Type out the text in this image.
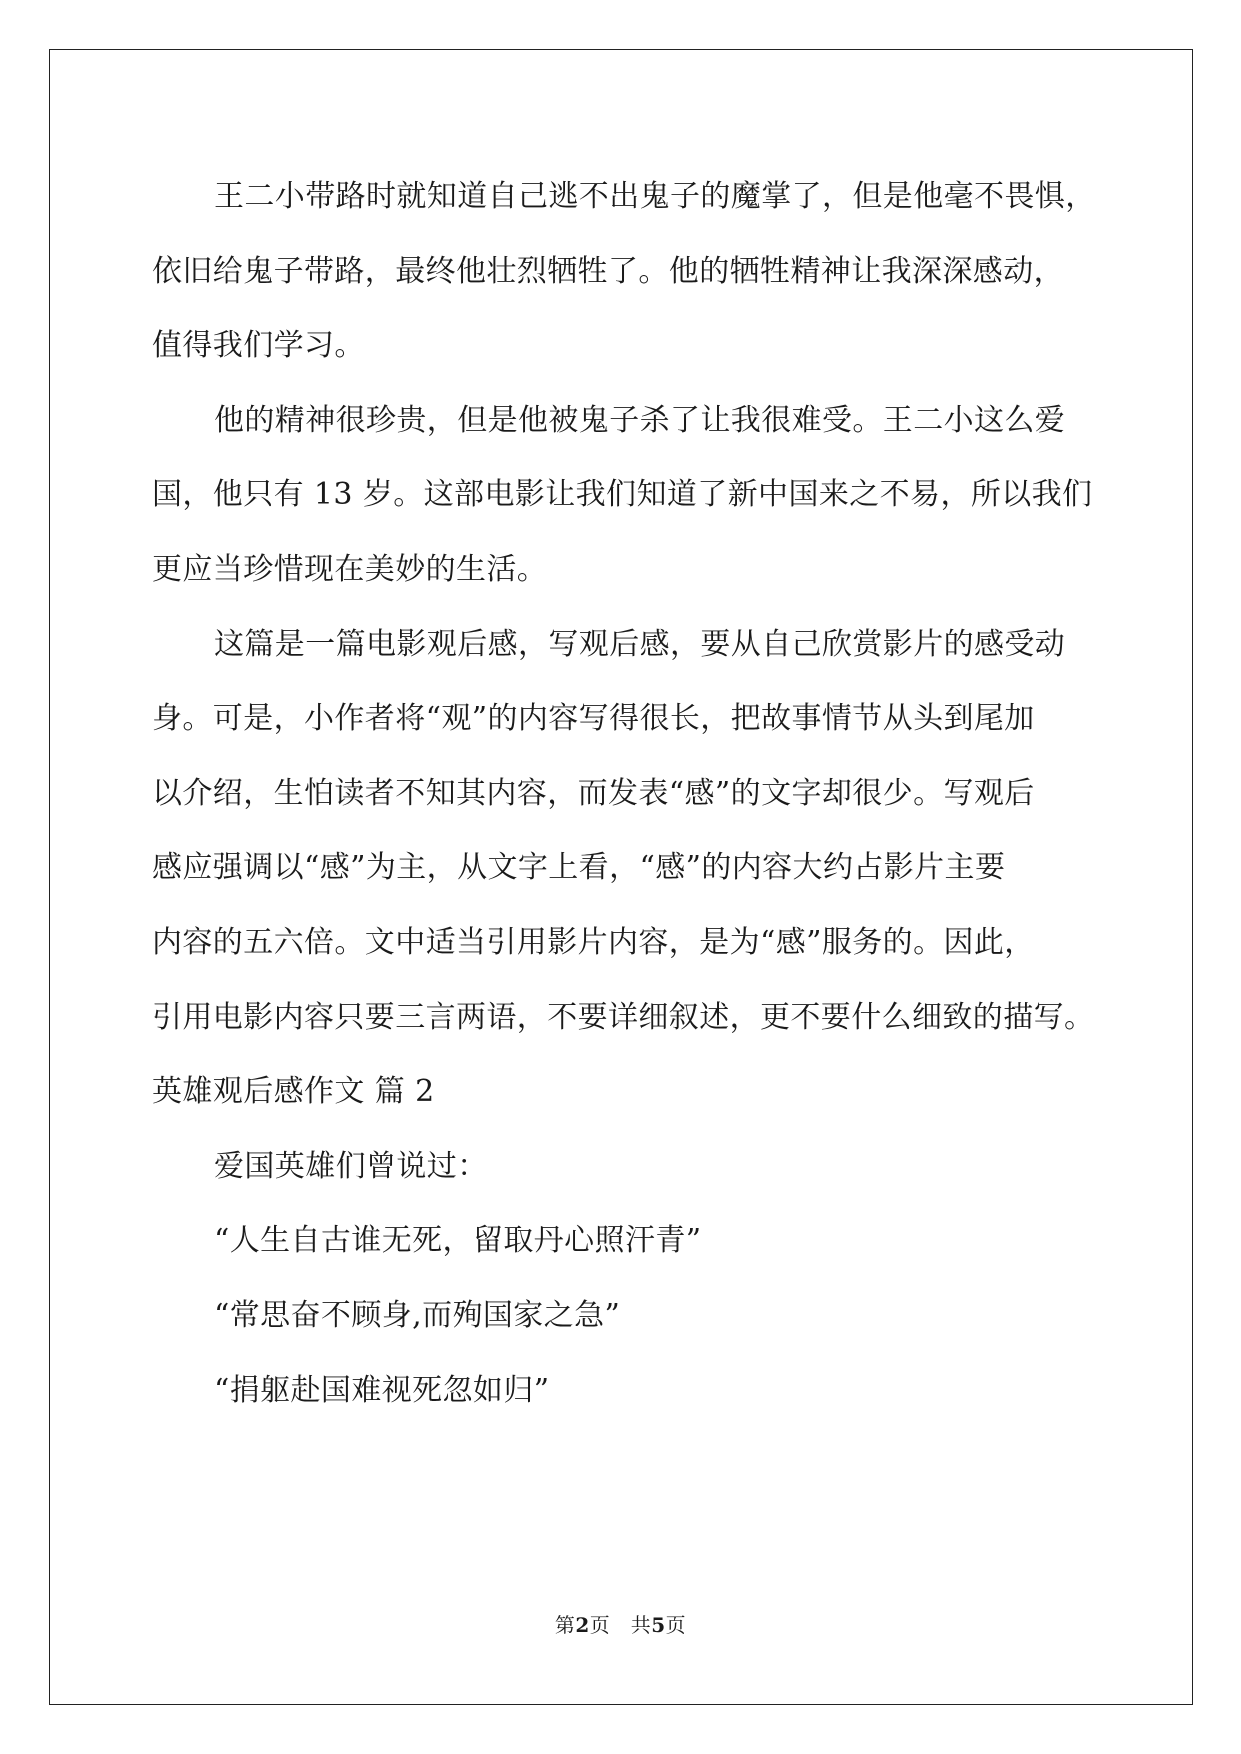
王二小带路时就知道自己逃不出鬼子的魔掌了，但是他毫不畏惧，
依旧给鬼子带路，最终他壮烈牺牲了。他的牺牲精神让我深深感动，
值得我们学习。
他的精神很珍贵，但是他被鬼子杀了让我很难受。王二小这么爱
国，他只有 13 岁。这部电影让我们知道了新中国来之不易，所以我们
更应当珍惜现在美妙的生活。
这篇是一篇电影观后感，写观后感，要从自己欣赏影片的感受动
身。可是，小作者将“观”的内容写得很长，把故事情节从头到尾加
以介绍，生怕读者不知其内容，而发表“感”的文字却很少。写观后
感应强调以“感”为主，从文字上看，“感”的内容大约占影片主要
内容的五六倍。文中适当引用影片内容，是为“感”服务的。因此，
引用电影内容只要三言两语，不要详细叙述，更不要什么细致的描写。
英雄观后感作文 篇 2
爱国英雄们曾说过：
“人生自古谁无死，留取丹心照汗青”
“常思奋不顾身,而殉国家之急”
“捐躯赴国难视死忽如归”
第2页　共5页
